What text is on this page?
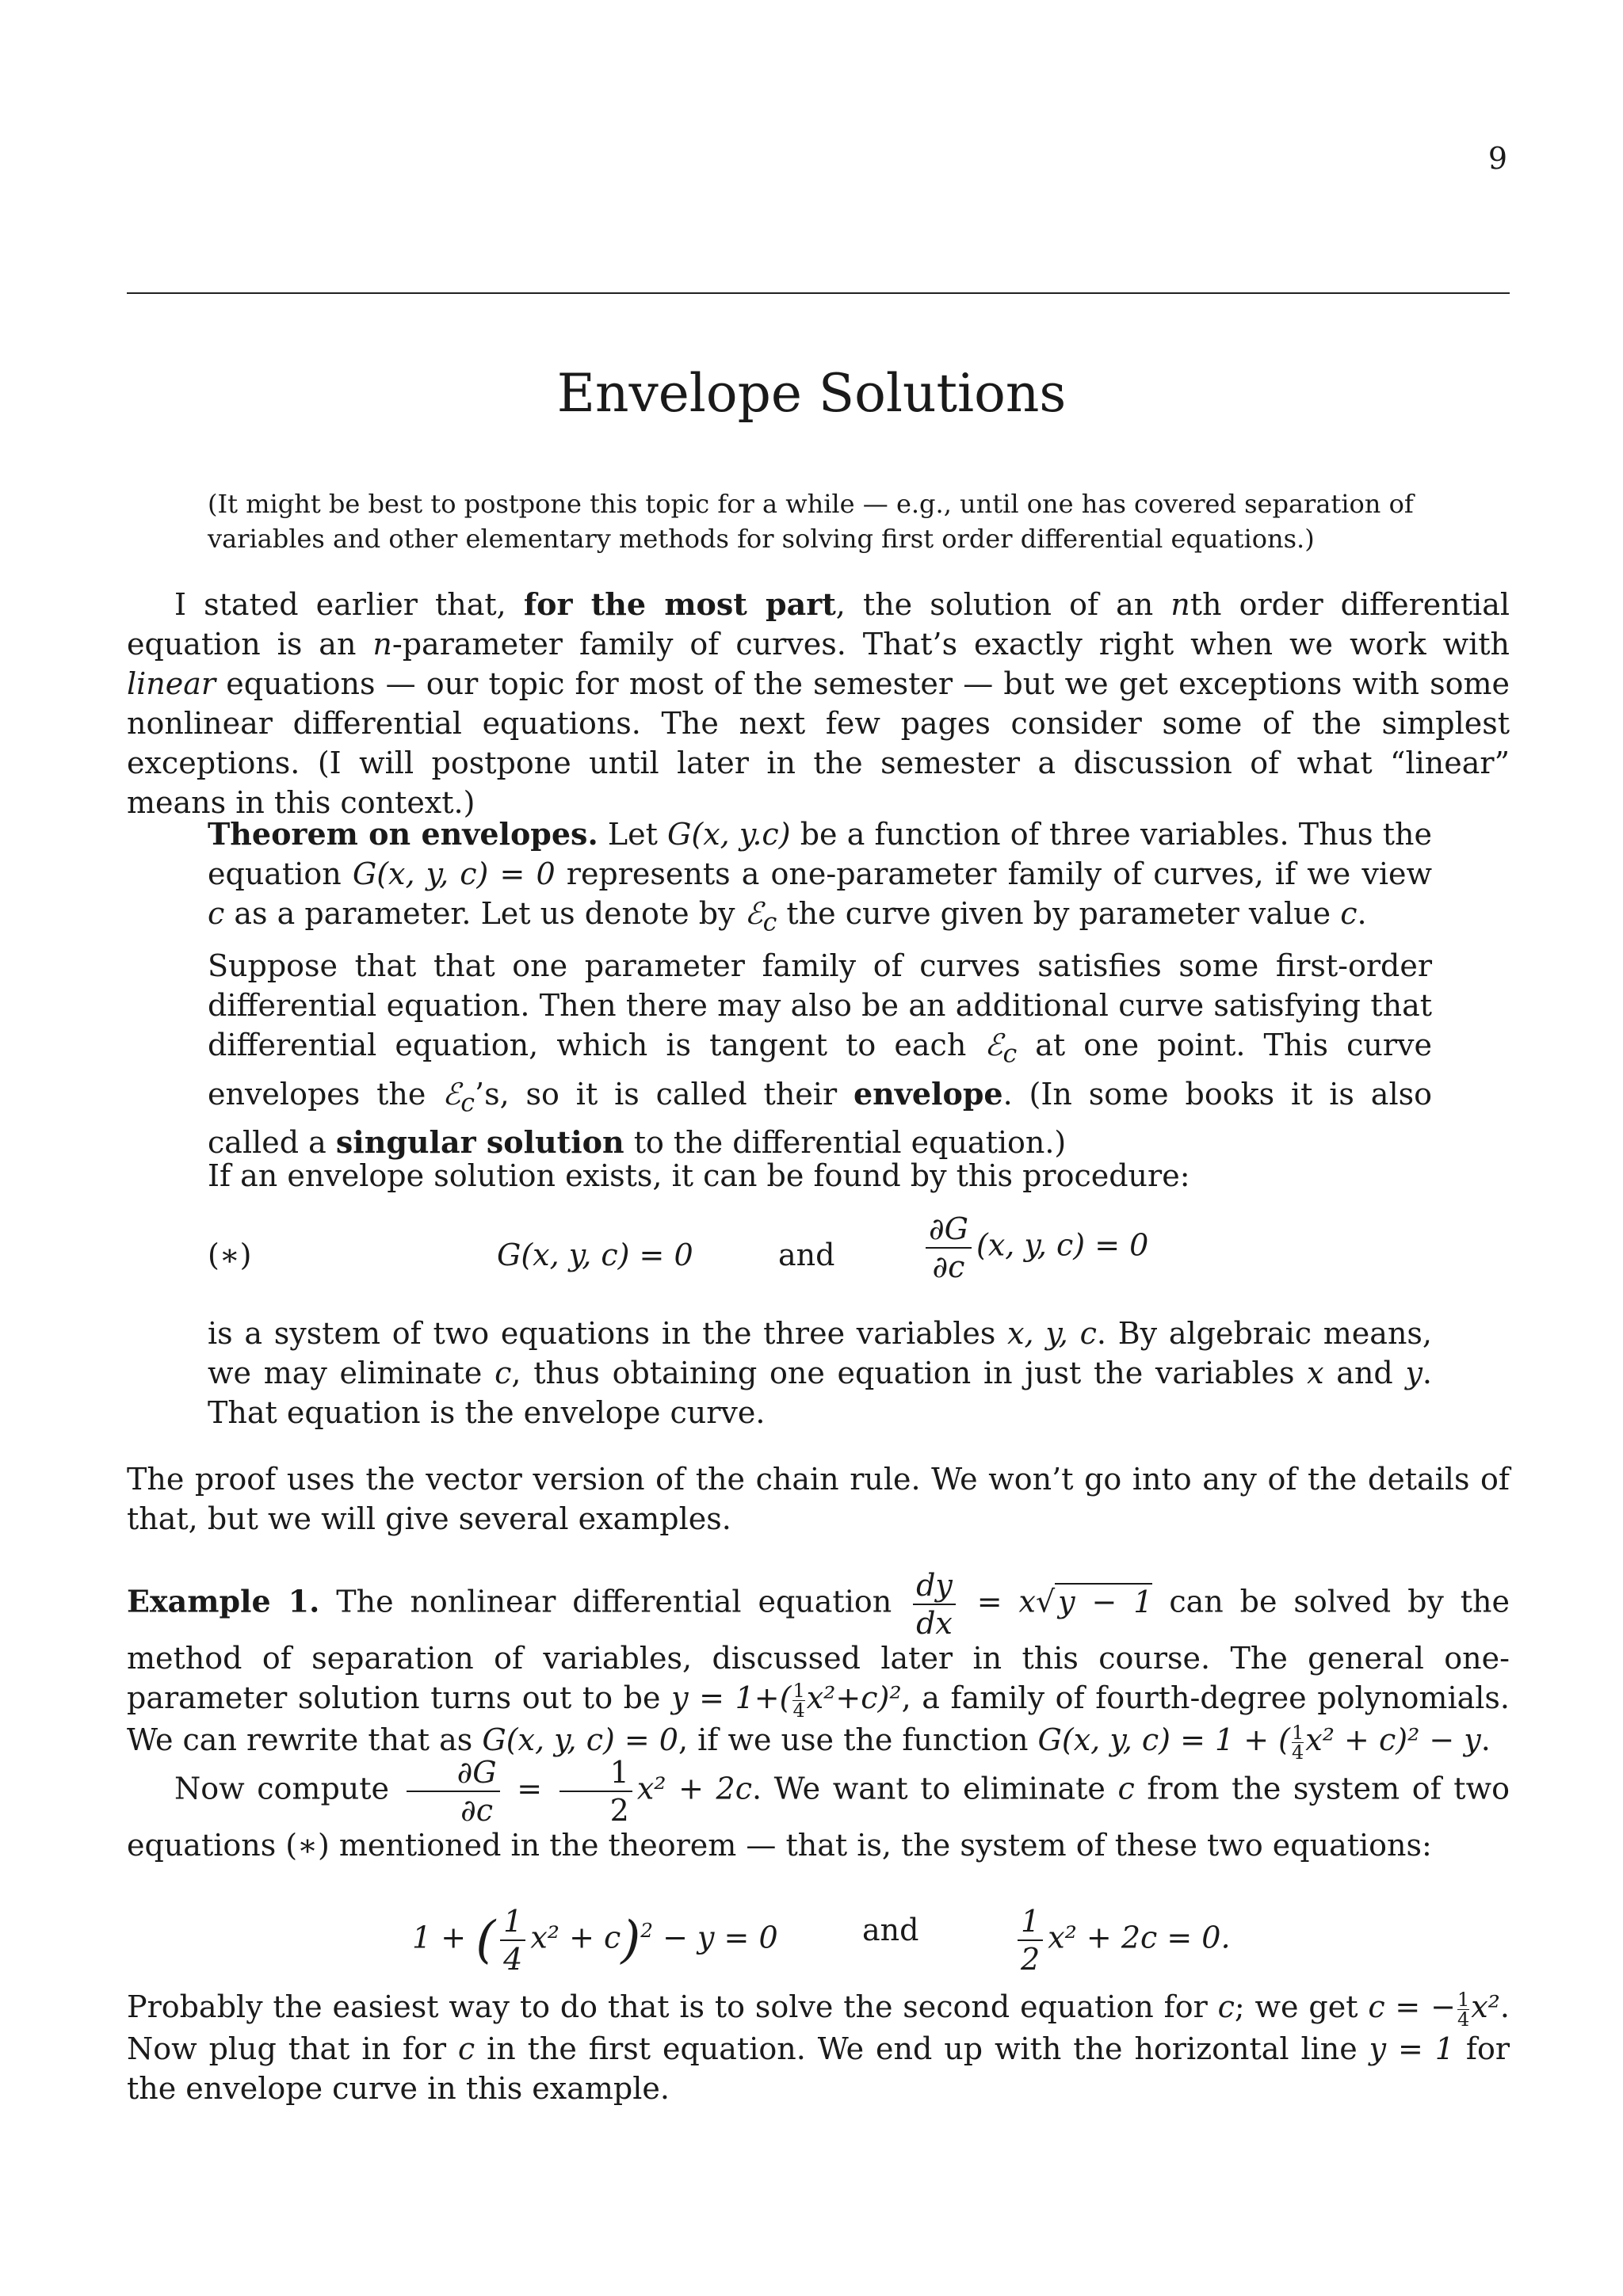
9
Envelope Solutions
(It might be best to postpone this topic for a while — e.g., until one has covered separation of variables and other elementary methods for solving first order differential equations.)
I stated earlier that, for the most part, the solution of an nth order differential equation is an n-parameter family of curves. That’s exactly right when we work with linear equations — our topic for most of the semester — but we get exceptions with some nonlinear differential equations. The next few pages consider some of the simplest exceptions. (I will postpone until later in the semester a discussion of what “linear” means in this context.)
Theorem on envelopes. Let G(x, y.c) be a function of three variables. Thus the equation G(x, y, c) = 0 represents a one-parameter family of curves, if we view c as a parameter. Let us denote by ℰ$_c$ the curve given by parameter value c.
Suppose that that one parameter family of curves satisfies some first-order differential equation. Then there may also be an additional curve satisfying that differential equation, which is tangent to each ℰ$_c$ at one point. This curve envelopes the ℰ$_c$’s, so it is called their envelope. (In some books it is also called a singular solution to the differential equation.)
If an envelope solution exists, it can be found by this procedure:
(∗)	G(x, y, c) = 0	and	$\frac{\partial G}{\partial c} (x$, y, c) = 0
is a system of two equations in the three variables x, y, c. By algebraic means, we may eliminate c, thus obtaining one equation in just the variables x and y. That equation is the envelope curve.
The proof uses the vector version of the chain rule. We won’t go into any of the details of that, but we will give several examples.
Example 1. The nonlinear differential equation $\frac{dy}{dx} = x√$ y − 1 can be solved by the method of separation of variables, discussed later in this course. The general one-parameter solution turns out to be $y = 1+( \frac{1}{4} x^2+c)^2$, a family of fourth-degree polynomials. We can rewrite that as G(x, y, c) = 0, if we use the function G(x, y, c) = 1 + ( $\frac{1}{4} x^2 + c)^2 - y$.
Now compute $\frac{\partial G}{\partial c} = \frac{1}{2} x^2 + 2c$. We want to eliminate c from the system of two equations (∗) mentioned in the theorem — that is, the system of these two equations:
1 + ( $\frac{1}{4} x^2 + c)^2 - y = 0$	and	$\frac{1}{2} x^2 + 2c = 0$.
Probably the easiest way to do that is to solve the second equation for c; we get c = − $\frac{1}{4} x^2$. Now plug that in for c in the first equation. We end up with the horizontal line y = 1 for the envelope curve in this example.
